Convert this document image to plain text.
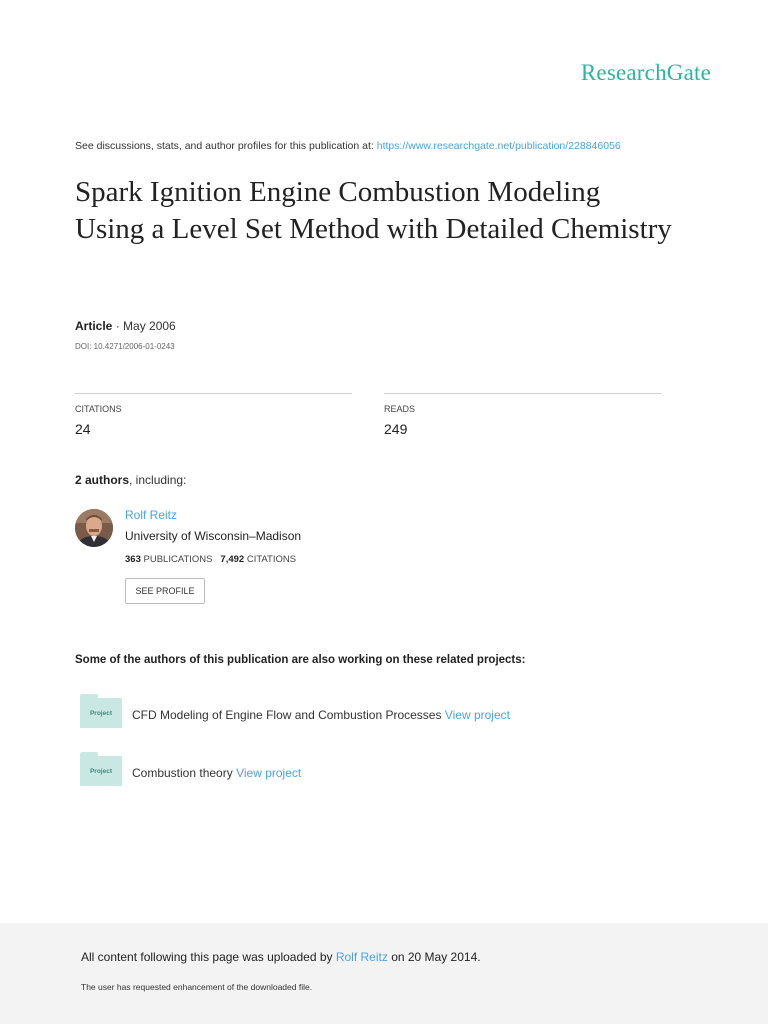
ResearchGate
See discussions, stats, and author profiles for this publication at: https://www.researchgate.net/publication/228846056
Spark Ignition Engine Combustion Modeling Using a Level Set Method with Detailed Chemistry
Article · May 2006
DOI: 10.4271/2006-01-0243
CITATIONS
24
READS
249
2 authors, including:
Rolf Reitz
University of Wisconsin–Madison
363 PUBLICATIONS 7,492 CITATIONS
SEE PROFILE
Some of the authors of this publication are also working on these related projects:
Project	CFD Modeling of Engine Flow and Combustion Processes View project
Project	Combustion theory View project
All content following this page was uploaded by Rolf Reitz on 20 May 2014.
The user has requested enhancement of the downloaded file.
